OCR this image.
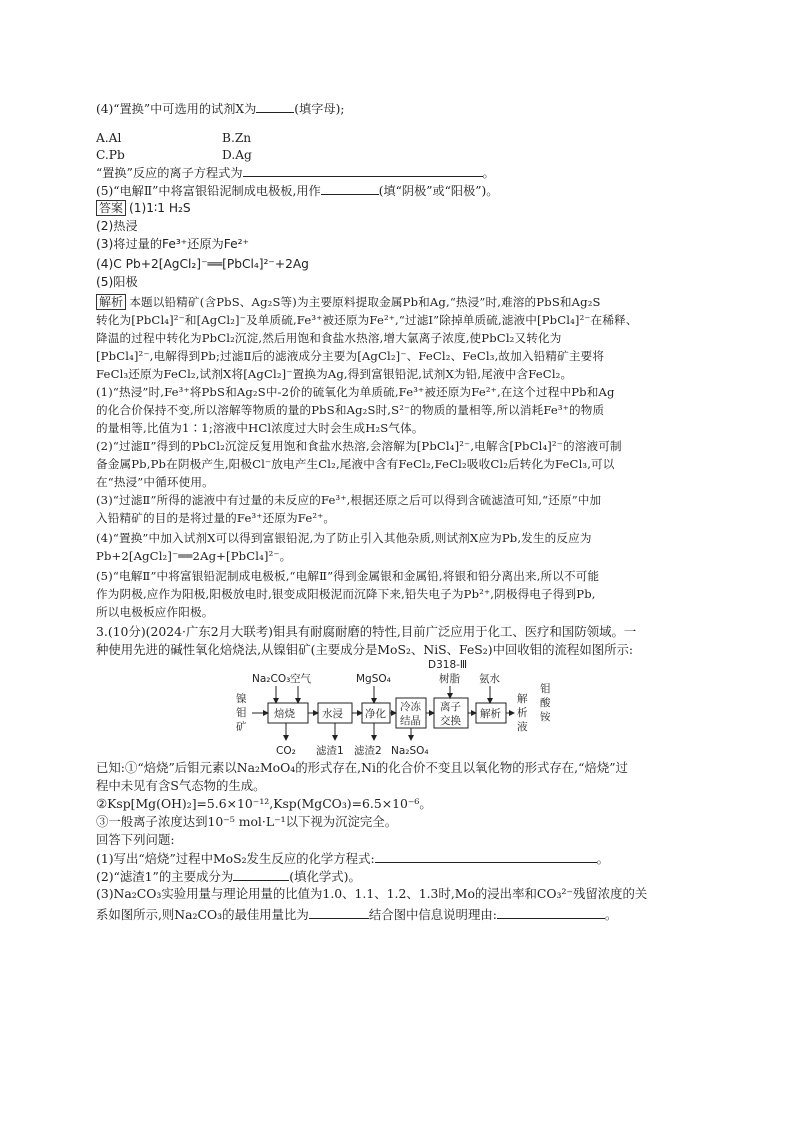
(4)“置换”中可选用的试剂X为	(填字母);
A.Al	B.Zn
C.Pb	D.Ag
“置换”反应的离子方程式为	。
(5)“电解Ⅱ”中将富银铅泥制成电极板,用作	(填“阴极”或“阳极”)。
答案 (1)1∶1 H₂S
(2)热浸
(3)将过量的Fe³⁺还原为Fe²⁺
(4)C Pb+2[AgCl₂]⁻══[PbCl₄]²⁻+2Ag
(5)阳极
解析 本题以铅精矿(含PbS、Ag₂S等)为主要原料提取金属Pb和Ag,“热浸”时,难溶的PbS和Ag₂S
转化为[PbCl₄]²⁻和[AgCl₂]⁻及单质硫,Fe³⁺被还原为Fe²⁺,“过滤Ⅰ”除掉单质硫,滤液中[PbCl₄]²⁻在稀释、
降温的过程中转化为PbCl₂沉淀,然后用饱和食盐水热溶,增大氯离子浓度,使PbCl₂又转化为
[PbCl₄]²⁻,电解得到Pb;过滤Ⅱ后的滤液成分主要为[AgCl₂]⁻、FeCl₂、FeCl₃,故加入铅精矿主要将
FeCl₃还原为FeCl₂,试剂X将[AgCl₂]⁻置换为Ag,得到富银铅泥,试剂X为铅,尾液中含FeCl₂。
(1)“热浸”时,Fe³⁺将PbS和Ag₂S中-2价的硫氧化为单质硫,Fe³⁺被还原为Fe²⁺,在这个过程中Pb和Ag
的化合价保持不变,所以溶解等物质的量的PbS和Ag₂S时,S²⁻的物质的量相等,所以消耗Fe³⁺的物质
的量相等,比值为1∶1;溶液中HCl浓度过大时会生成H₂S气体。
(2)“过滤Ⅱ”得到的PbCl₂沉淀反复用饱和食盐水热溶,会溶解为[PbCl₄]²⁻,电解含[PbCl₄]²⁻的溶液可制
备金属Pb,Pb在阴极产生,阳极Cl⁻放电产生Cl₂,尾液中含有FeCl₂,FeCl₂吸收Cl₂后转化为FeCl₃,可以
在“热浸”中循环使用。
(3)“过滤Ⅱ”所得的滤液中有过量的未反应的Fe³⁺,根据还原之后可以得到含硫滤渣可知,“还原”中加
入铅精矿的目的是将过量的Fe³⁺还原为Fe²⁺。
(4)“置换”中加入试剂X可以得到富银铅泥,为了防止引入其他杂质,则试剂X应为Pb,发生的反应为
Pb+2[AgCl₂]⁻══2Ag+[PbCl₄]²⁻。
(5)“电解Ⅱ”中将富银铅泥制成电极板,“电解Ⅱ”得到金属银和金属铅,将银和铅分离出来,所以不可能
作为阴极,应作为阳极,阳极放电时,银变成阳极泥而沉降下来,铅失电子为Pb²⁺,阴极得电子得到Pb,
所以电极板应作阳极。
3.(10分)(2024·广东2月大联考)钼具有耐腐耐磨的特性,目前广泛应用于化工、医疗和国防领域。一
种使用先进的碱性氧化焙烧法,从镍钼矿(主要成分是MoS₂、NiS、FeS₂)中回收钼的流程如图所示:
镍
钼
矿
Na₂CO₃ 空气	MgSO₄
D318-Ⅲ
树脂 氨水
焙烧	水浸 净化
冷冻
结晶
离子
交换
解析
解
析
液
钼
酸
铵
CO₂ 滤渣1 滤渣2 Na₂SO₄
已知:①“焙烧”后钼元素以Na₂MoO₄的形式存在,Ni的化合价不变且以氧化物的形式存在,“焙烧”过
程中未见有含S气态物的生成。
②Ksp[Mg(OH)₂]=5.6×10⁻¹²,Ksp(MgCO₃)=6.5×10⁻⁶。
③一般离子浓度达到10⁻⁵ mol·L⁻¹以下视为沉淀完全。
回答下列问题:
(1)写出“焙烧”过程中MoS₂发生反应的化学方程式:	。
(2)“滤渣1”的主要成分为	(填化学式)。
(3)Na₂CO₃实验用量与理论用量的比值为1.0、1.1、1.2、1.3时,Mo的浸出率和CO₃²⁻残留浓度的关
系如图所示,则Na₂CO₃的最佳用量比为	结合图中信息说明理由:	。
